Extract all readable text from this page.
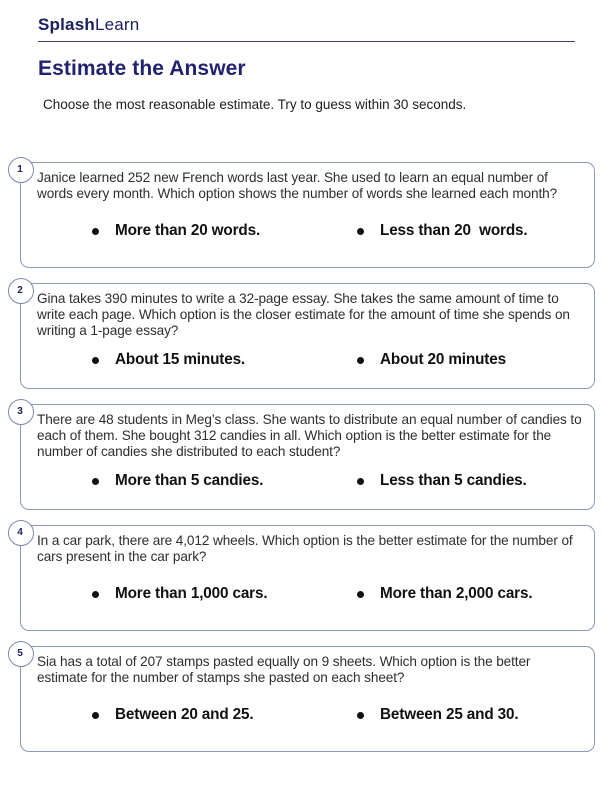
SplashLearn
Estimate the Answer

Choose the most reasonable estimate. Try to guess within 30 seconds.

1

Janice learned 252 new French words last year. She used to learn an equal number of words every month. Which option shows the number of words she learned each month?

More than 20 words.	Less than 20  words.
2

Gina takes 390 minutes to write a 32-page essay. She takes the same amount of time to write each page. Which option is the closer estimate for the amount of time she spends on writing a 1-page essay?

About 15 minutes.	About 20 minutes
3

There are 48 students in Meg’s class. She wants to distribute an equal number of candies to each of them. She bought 312 candies in all. Which option is the better estimate for the number of candies she distributed to each student?

More than 5 candies.	Less than 5 candies.
4

In a car park, there are 4,012 wheels. Which option is the better estimate for the number of cars present in the car park?

More than 1,000 cars.	More than 2,000 cars.
5

Sia has a total of 207 stamps pasted equally on 9 sheets. Which option is the better estimate for the number of stamps she pasted on each sheet?

Between 20 and 25.	Between 25 and 30.
